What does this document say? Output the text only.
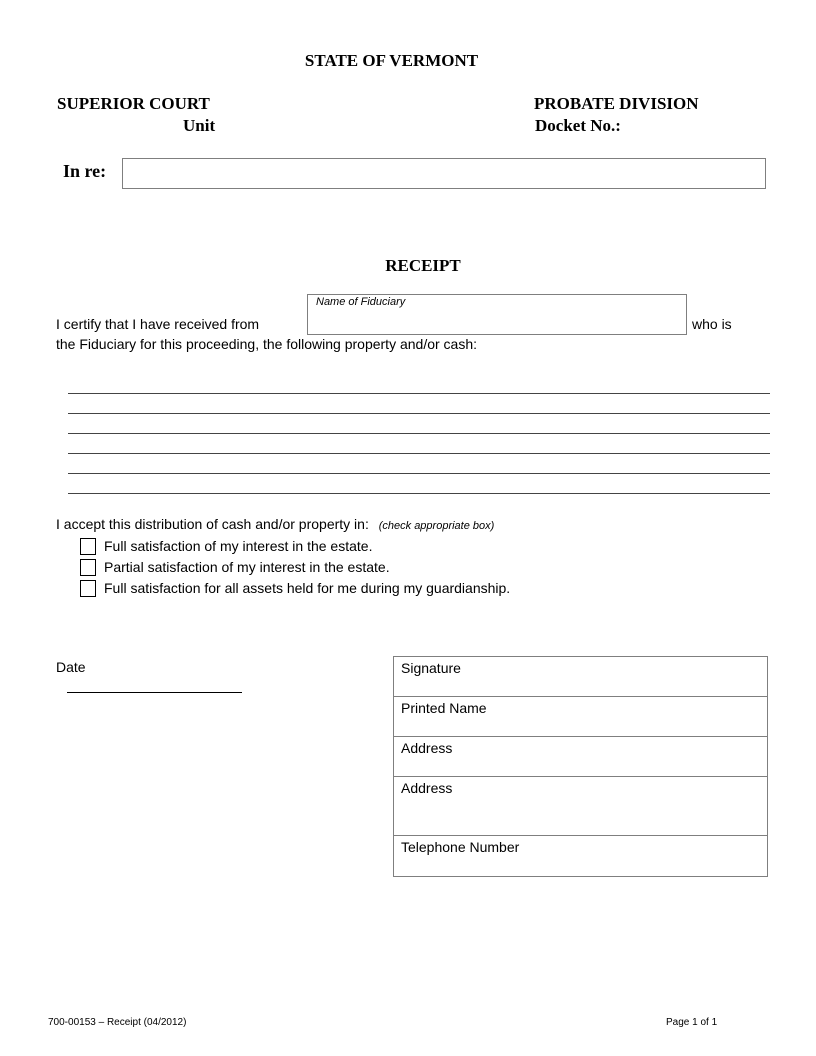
STATE OF VERMONT
SUPERIOR COURT
Unit
PROBATE DIVISION
Docket No.:
In re:
RECEIPT
I certify that I have received from
Name of Fiduciary
who is
the Fiduciary for this proceeding, the following property and/or cash:
I accept this distribution of cash and/or property in: (check appropriate box)
Full satisfaction of my interest in the estate.
Partial satisfaction of my interest in the estate.
Full satisfaction for all assets held for me during my guardianship.
Date	Signature
Printed Name
Address
Address
Telephone Number
700-00153 – Receipt (04/2012)	Page 1 of 1
